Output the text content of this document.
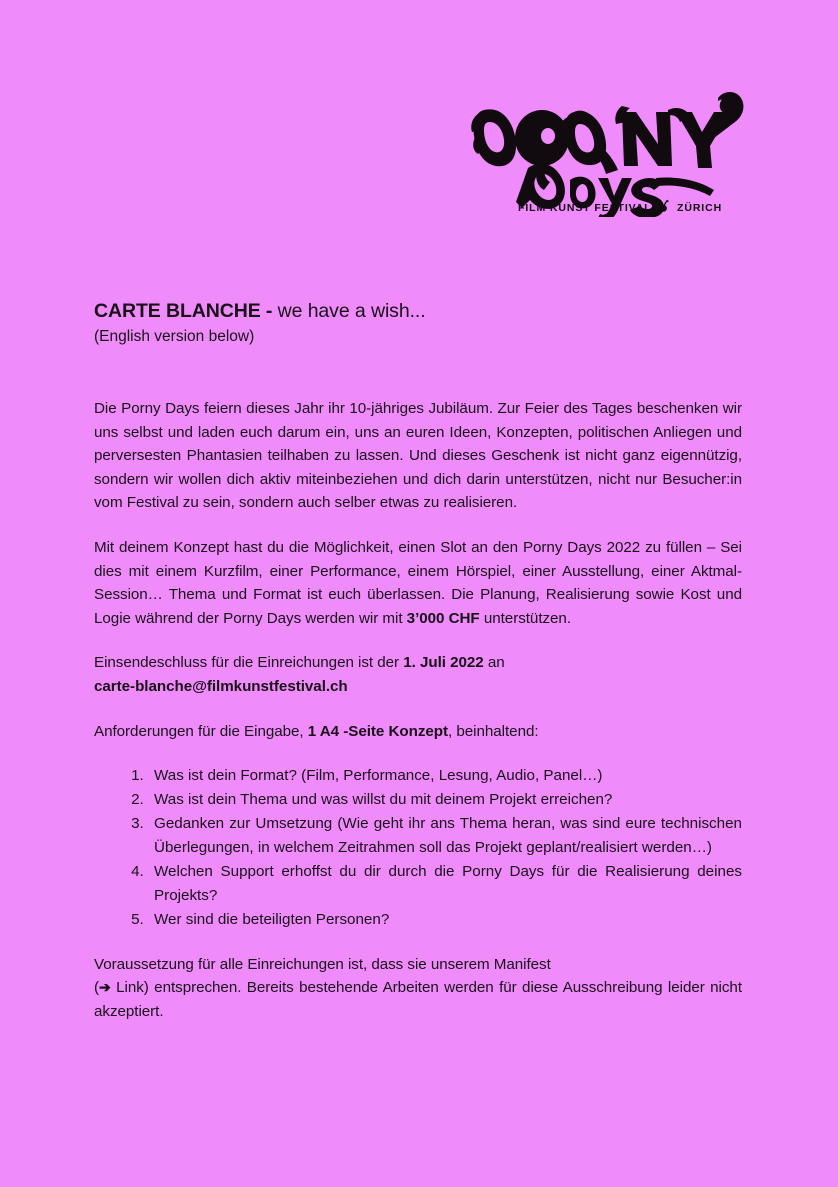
FILM KUNST FESTIVAL ZÜRICH
CARTE BLANCHE - we have a wish...
(English version below)

Die Porny Days feiern dieses Jahr ihr 10-jähriges Jubiläum. Zur Feier des Tages beschenken wir uns selbst und laden euch darum ein, uns an euren Ideen, Konzepten, politischen Anliegen und perversesten Phantasien teilhaben zu lassen. Und dieses Geschenk ist nicht ganz eigennützig, sondern wir wollen dich aktiv miteinbeziehen und dich darin unterstützen, nicht nur Besucher:in vom Festival zu sein, sondern auch selber etwas zu realisieren.

Mit deinem Konzept hast du die Möglichkeit, einen Slot an den Porny Days 2022 zu füllen – Sei dies mit einem Kurzfilm, einer Performance, einem Hörspiel, einer Ausstellung, einer Aktmal-Session… Thema und Format ist euch überlassen. Die Planung, Realisierung sowie Kost und Logie während der Porny Days werden wir mit 3’000 CHF unterstützen.

Einsendeschluss für die Einreichungen ist der 1. Juli 2022 an
carte-blanche@filmkunstfestival.ch

Anforderungen für die Eingabe, 1 A4 -Seite Konzept, beinhaltend:

1. Was ist dein Format? (Film, Performance, Lesung, Audio, Panel…)
2. Was ist dein Thema und was willst du mit deinem Projekt erreichen?
3. Gedanken zur Umsetzung (Wie geht ihr ans Thema heran, was sind eure technischen Überlegungen, in welchem Zeitrahmen soll das Projekt geplant/realisiert werden…)
4. Welchen Support erhoffst du dir durch die Porny Days für die Realisierung deines Projekts?
5. Wer sind die beteiligten Personen?

Voraussetzung für alle Einreichungen ist, dass sie unserem Manifest
(➔ Link) entsprechen. Bereits bestehende Arbeiten werden für diese Ausschreibung leider nicht akzeptiert.
